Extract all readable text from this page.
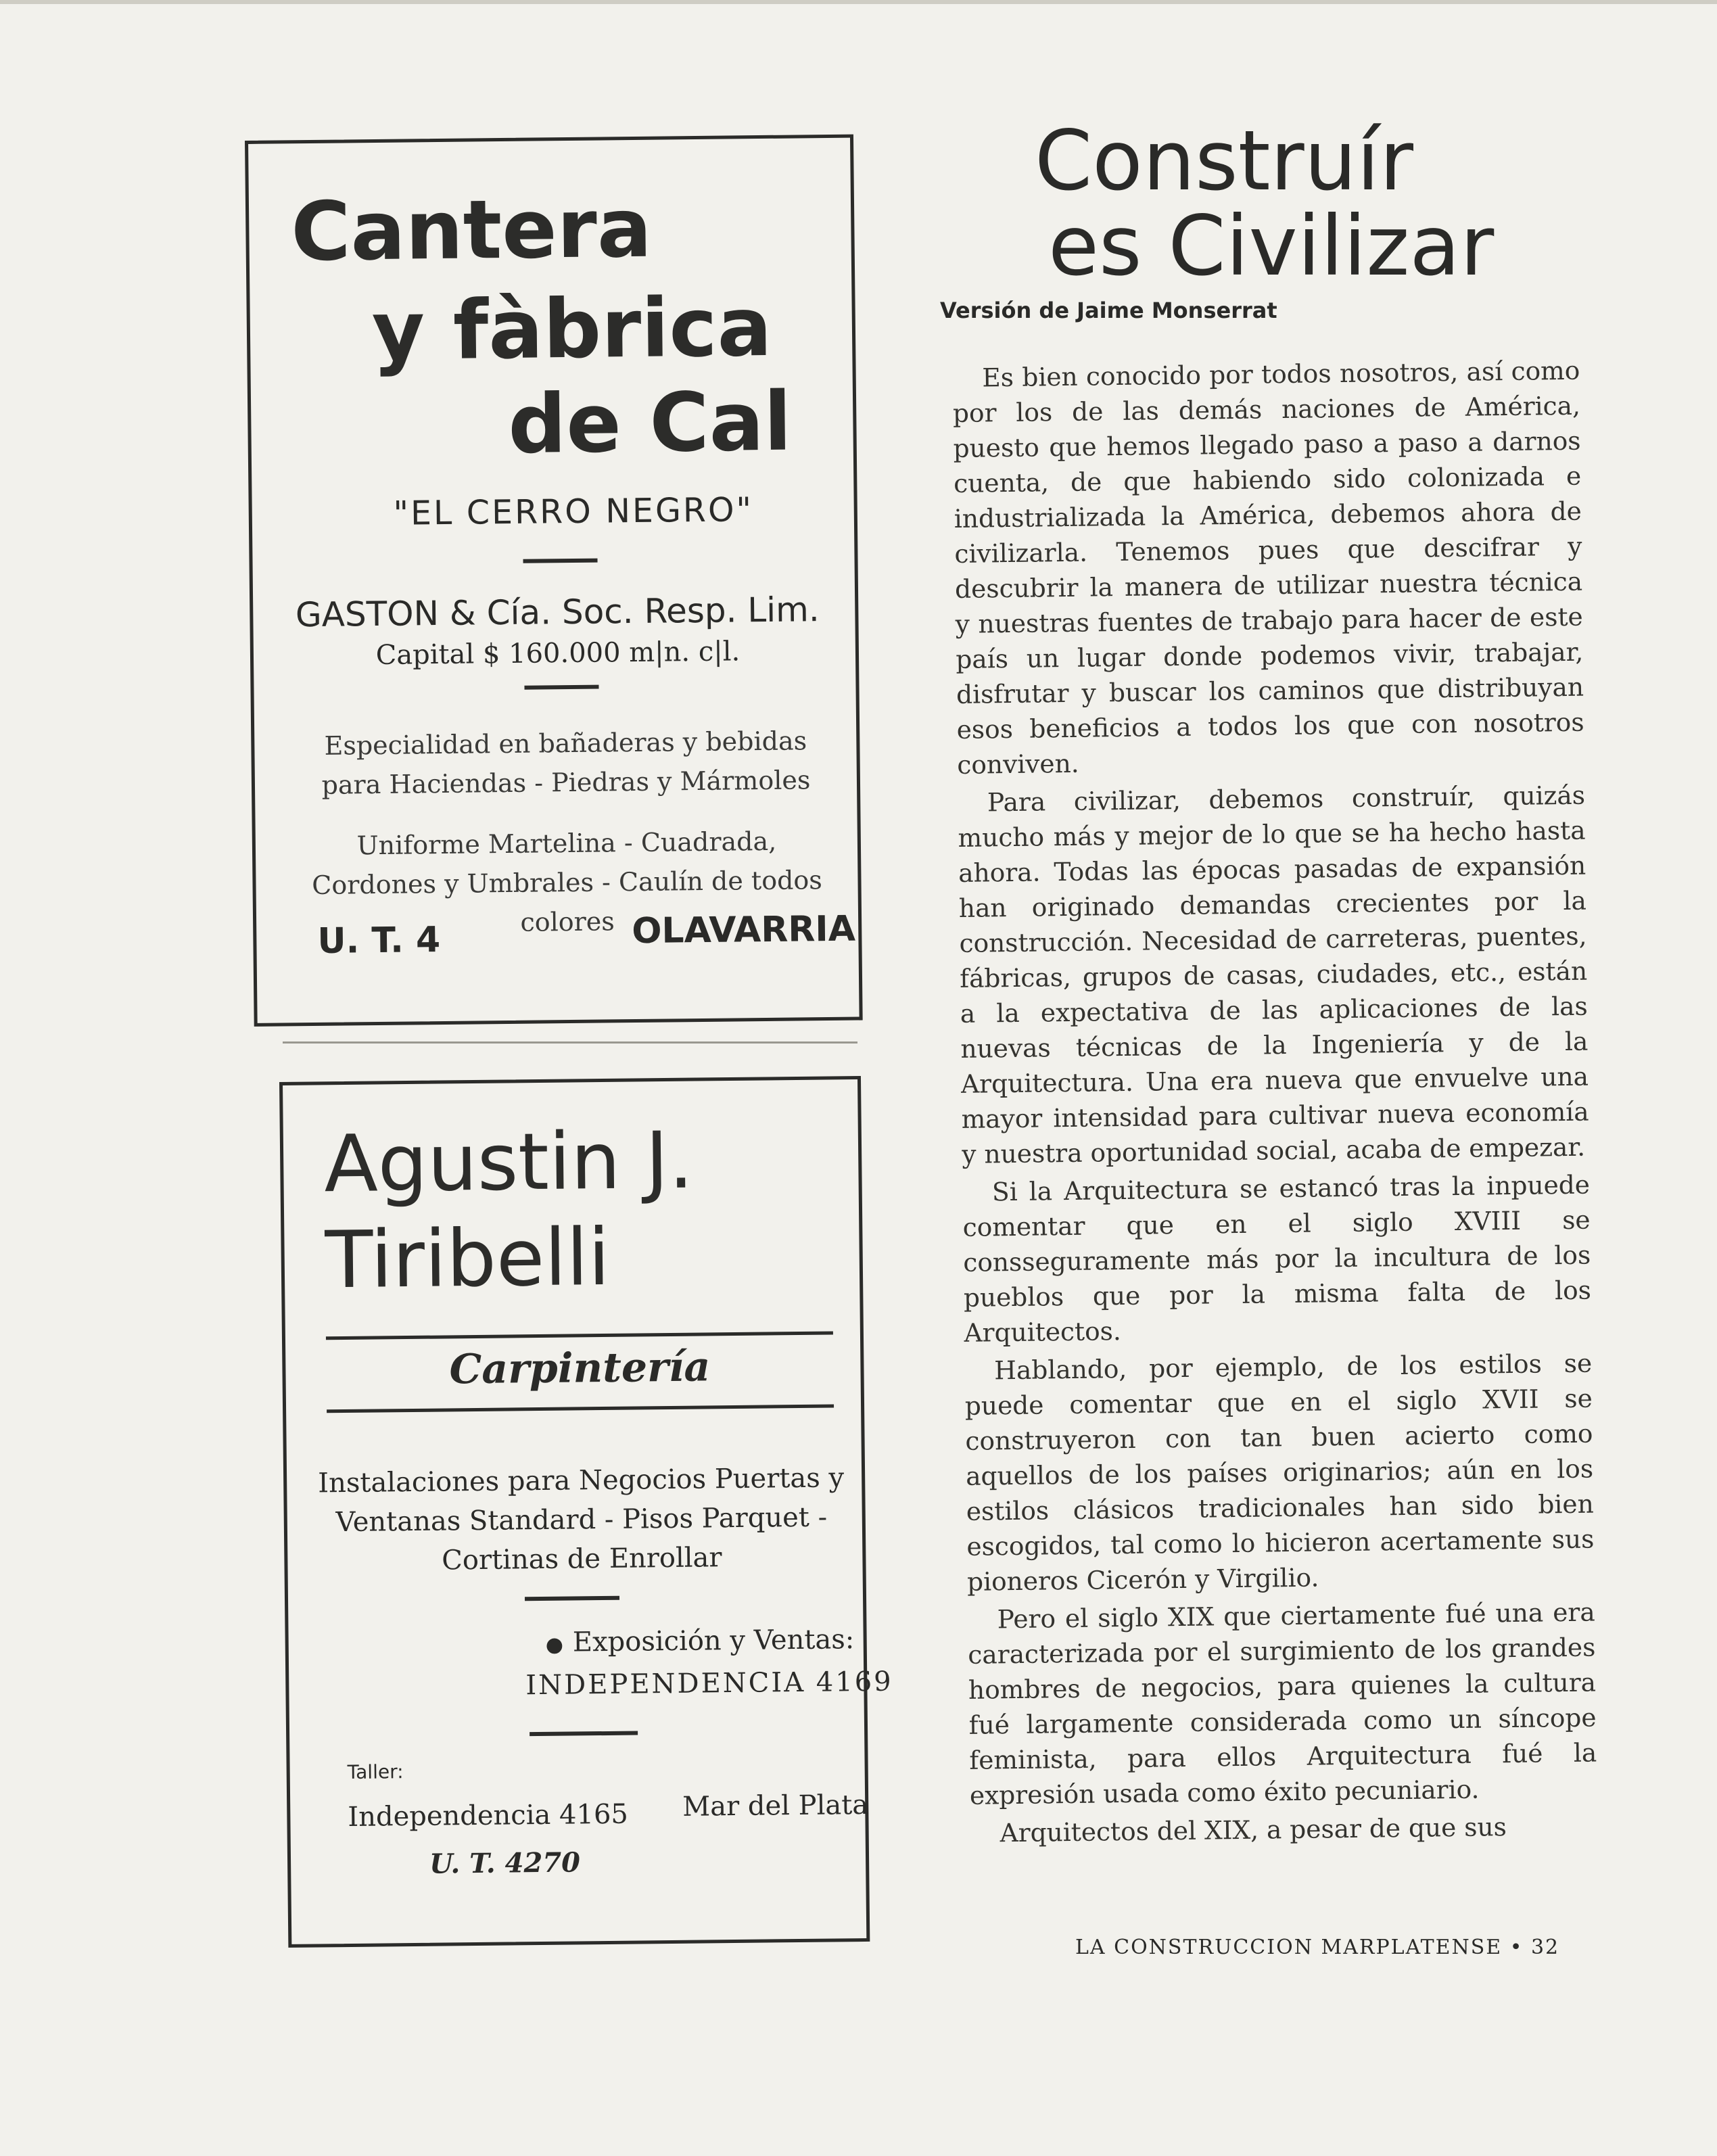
Cantera
y fàbrica
de Cal
"EL CERRO NEGRO"
GASTON & Cía. Soc. Resp. Lim.
Capital $ 160.000 m|n. c|l.
Especialidad en bañaderas y bebidas para Haciendas - Piedras y Mármoles
Uniforme Martelina - Cuadrada, Cordones y Umbrales - Caulín de todos colores
U. T. 4	OLAVARRIA
Agustin J.
Tiribelli
Carpintería
Instalaciones para Negocios Puertas y Ventanas Standard - Pisos Parquet - Cortinas de Enrollar
● Exposición y Ventas:
INDEPENDENCIA 4169
Taller:
Independencia 4165 Mar del Plata
U. T. 4270
Construír
es Civilizar
Versión de Jaime Monserrat

Es bien conocido por todos nosotros, así como por los de las demás naciones de América, puesto que hemos llegado paso a paso a darnos cuenta, de que habiendo sido colonizada e industrializada la América, debemos ahora de civilizarla. Tenemos pues que descifrar y descubrir la manera de utilizar nuestra técnica y nuestras fuentes de trabajo para hacer de este país un lugar donde podemos vivir, trabajar, disfrutar y buscar los caminos que distribuyan esos beneficios a todos los que con nosotros conviven.

Para civilizar, debemos construír, quizás mucho más y mejor de lo que se ha hecho hasta ahora. Todas las épocas pasadas de expansión han originado demandas crecientes por la construcción. Necesidad de carreteras, puentes, fábricas, grupos de casas, ciudades, etc., están a la expectativa de las aplicaciones de las nuevas técnicas de la Ingeniería y de la Arquitectura. Una era nueva que envuelve una mayor intensidad para cultivar nueva economía y nuestra oportunidad social, acaba de empezar.

Si la Arquitectura se estancó tras la inpuede comentar que en el siglo XVIII se consseguramente más por la incultura de los pueblos que por la misma falta de los Arquitectos.

Hablando, por ejemplo, de los estilos se puede comentar que en el siglo XVII se construyeron con tan buen acierto como aquellos de los países originarios; aún en los estilos clásicos tradicionales han sido bien escogidos, tal como lo hicieron acertamente sus pioneros Cicerón y Virgilio.

Pero el siglo XIX que ciertamente fué una era caracterizada por el surgimiento de los grandes hombres de negocios, para quienes la cultura fué largamente considerada como un síncope feminista, para ellos Arquitectura fué la expresión usada como éxito pecuniario.

Arquitectos del XIX, a pesar de que sus

LA CONSTRUCCION MARPLATENSE • 32
